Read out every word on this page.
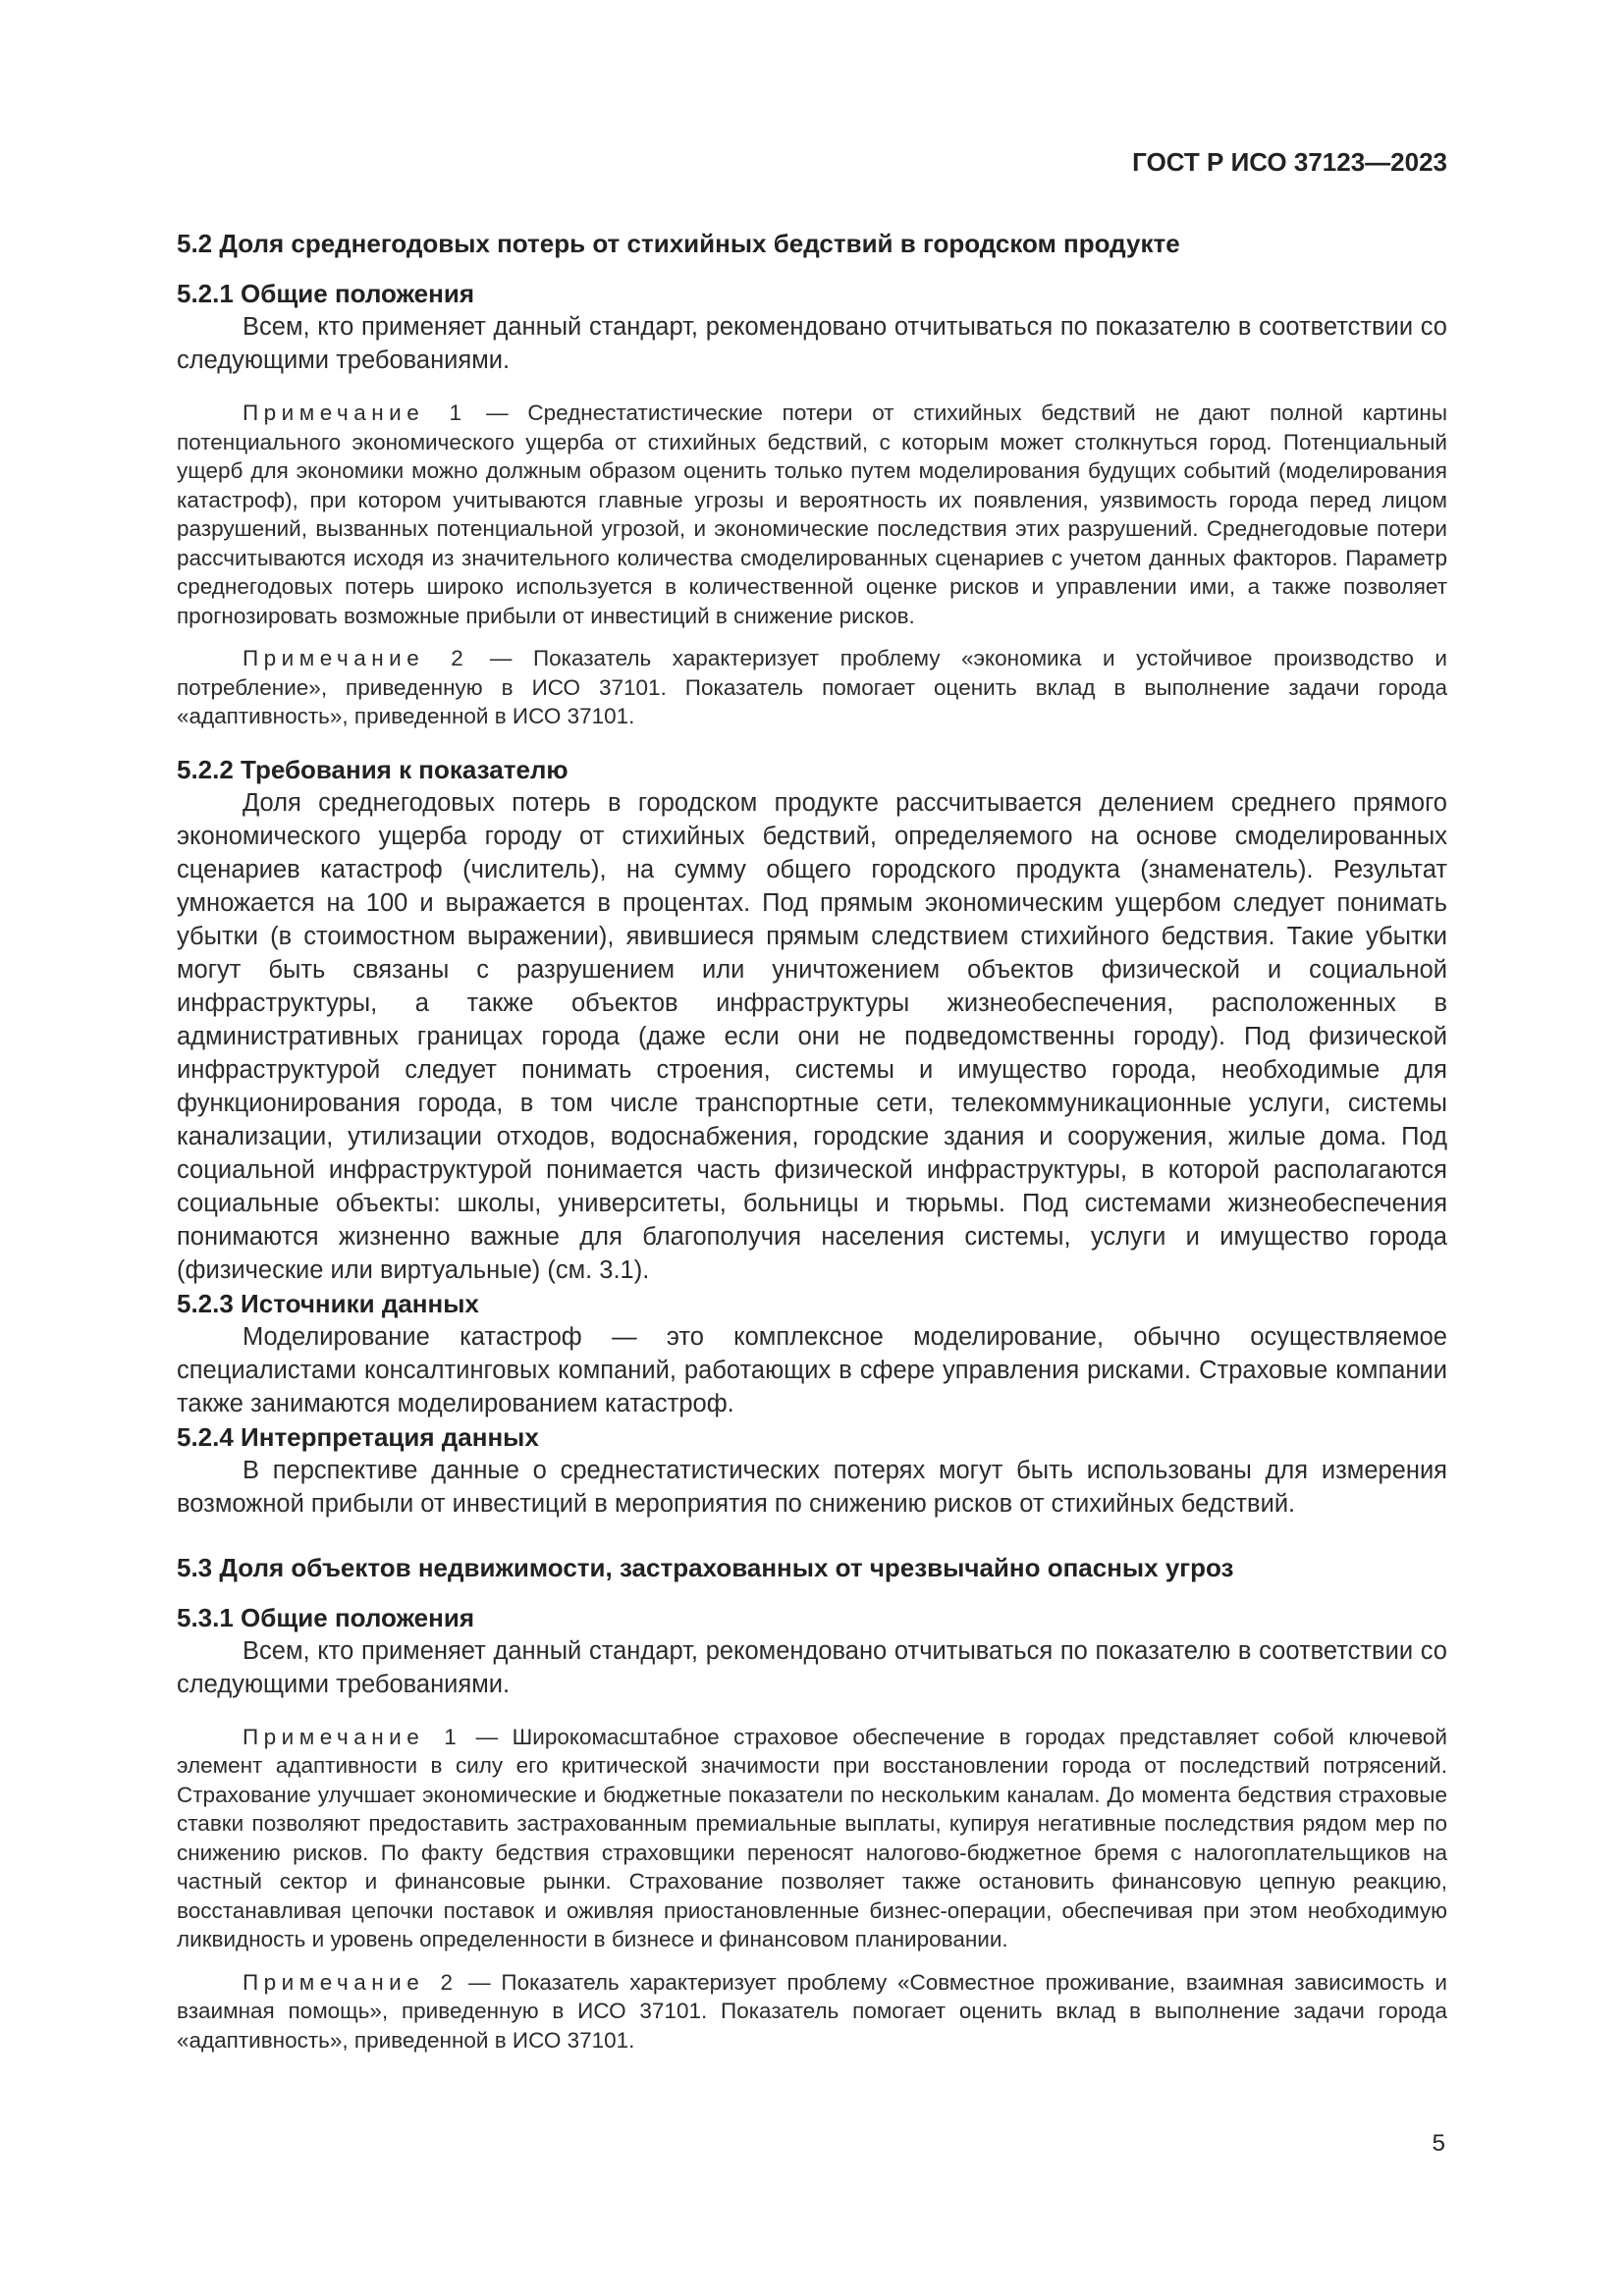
ГОСТ Р ИСО 37123—2023
5.2 Доля среднегодовых потерь от стихийных бедствий в городском продукте
5.2.1 Общие положения

Всем, кто применяет данный стандарт, рекомендовано отчитываться по показателю в соответствии со следующими требованиями.

Примечание 1 — Среднестатистические потери от стихийных бедствий не дают полной картины потенциального экономического ущерба от стихийных бедствий, с которым может столкнуться город. Потенциальный ущерб для экономики можно должным образом оценить только путем моделирования будущих событий (моделирования катастроф), при котором учитываются главные угрозы и вероятность их появления, уязвимость города перед лицом разрушений, вызванных потенциальной угрозой, и экономические последствия этих разрушений. Среднегодовые потери рассчитываются исходя из значительного количества смоделированных сценариев с учетом данных факторов. Параметр среднегодовых потерь широко используется в количественной оценке рисков и управлении ими, а также позволяет прогнозировать возможные прибыли от инвестиций в снижение рисков.

Примечание 2 — Показатель характеризует проблему «экономика и устойчивое производство и потребление», приведенную в ИСО 37101. Показатель помогает оценить вклад в выполнение задачи города «адаптивность», приведенной в ИСО 37101.

5.2.2 Требования к показателю

Доля среднегодовых потерь в городском продукте рассчитывается делением среднего прямого экономического ущерба городу от стихийных бедствий, определяемого на основе смоделированных сценариев катастроф (числитель), на сумму общего городского продукта (знаменатель). Результат умножается на 100 и выражается в процентах. Под прямым экономическим ущербом следует понимать убытки (в стоимостном выражении), явившиеся прямым следствием стихийного бедствия. Такие убытки могут быть связаны с разрушением или уничтожением объектов физической и социальной инфраструктуры, а также объектов инфраструктуры жизнеобеспечения, расположенных в административных границах города (даже если они не подведомственны городу). Под физической инфраструктурой следует понимать строения, системы и имущество города, необходимые для функционирования города, в том числе транспортные сети, телекоммуникационные услуги, системы канализации, утилизации отходов, водоснабжения, городские здания и сооружения, жилые дома. Под социальной инфраструктурой понимается часть физической инфраструктуры, в которой располагаются социальные объекты: школы, университеты, больницы и тюрьмы. Под системами жизнеобеспечения понимаются жизненно важные для благополучия населения системы, услуги и имущество города (физические или виртуальные) (см. 3.1).

5.2.3 Источники данных

Моделирование катастроф — это комплексное моделирование, обычно осуществляемое специалистами консалтинговых компаний, работающих в сфере управления рисками. Страховые компании также занимаются моделированием катастроф.

5.2.4 Интерпретация данных

В перспективе данные о среднестатистических потерях могут быть использованы для измерения возможной прибыли от инвестиций в мероприятия по снижению рисков от стихийных бедствий.

5.3 Доля объектов недвижимости, застрахованных от чрезвычайно опасных угроз
5.3.1 Общие положения

Всем, кто применяет данный стандарт, рекомендовано отчитываться по показателю в соответствии со следующими требованиями.

Примечание 1 — Широкомасштабное страховое обеспечение в городах представляет собой ключевой элемент адаптивности в силу его критической значимости при восстановлении города от последствий потрясений. Страхование улучшает экономические и бюджетные показатели по нескольким каналам. До момента бедствия страховые ставки позволяют предоставить застрахованным премиальные выплаты, купируя негативные последствия рядом мер по снижению рисков. По факту бедствия страховщики переносят налогово-бюджетное бремя с налогоплательщиков на частный сектор и финансовые рынки. Страхование позволяет также остановить финансовую цепную реакцию, восстанавливая цепочки поставок и оживляя приостановленные бизнес-операции, обеспечивая при этом необходимую ликвидность и уровень определенности в бизнесе и финансовом планировании.

Примечание 2 — Показатель характеризует проблему «Совместное проживание, взаимная зависимость и взаимная помощь», приведенную в ИСО 37101. Показатель помогает оценить вклад в выполнение задачи города «адаптивность», приведенной в ИСО 37101.

5
